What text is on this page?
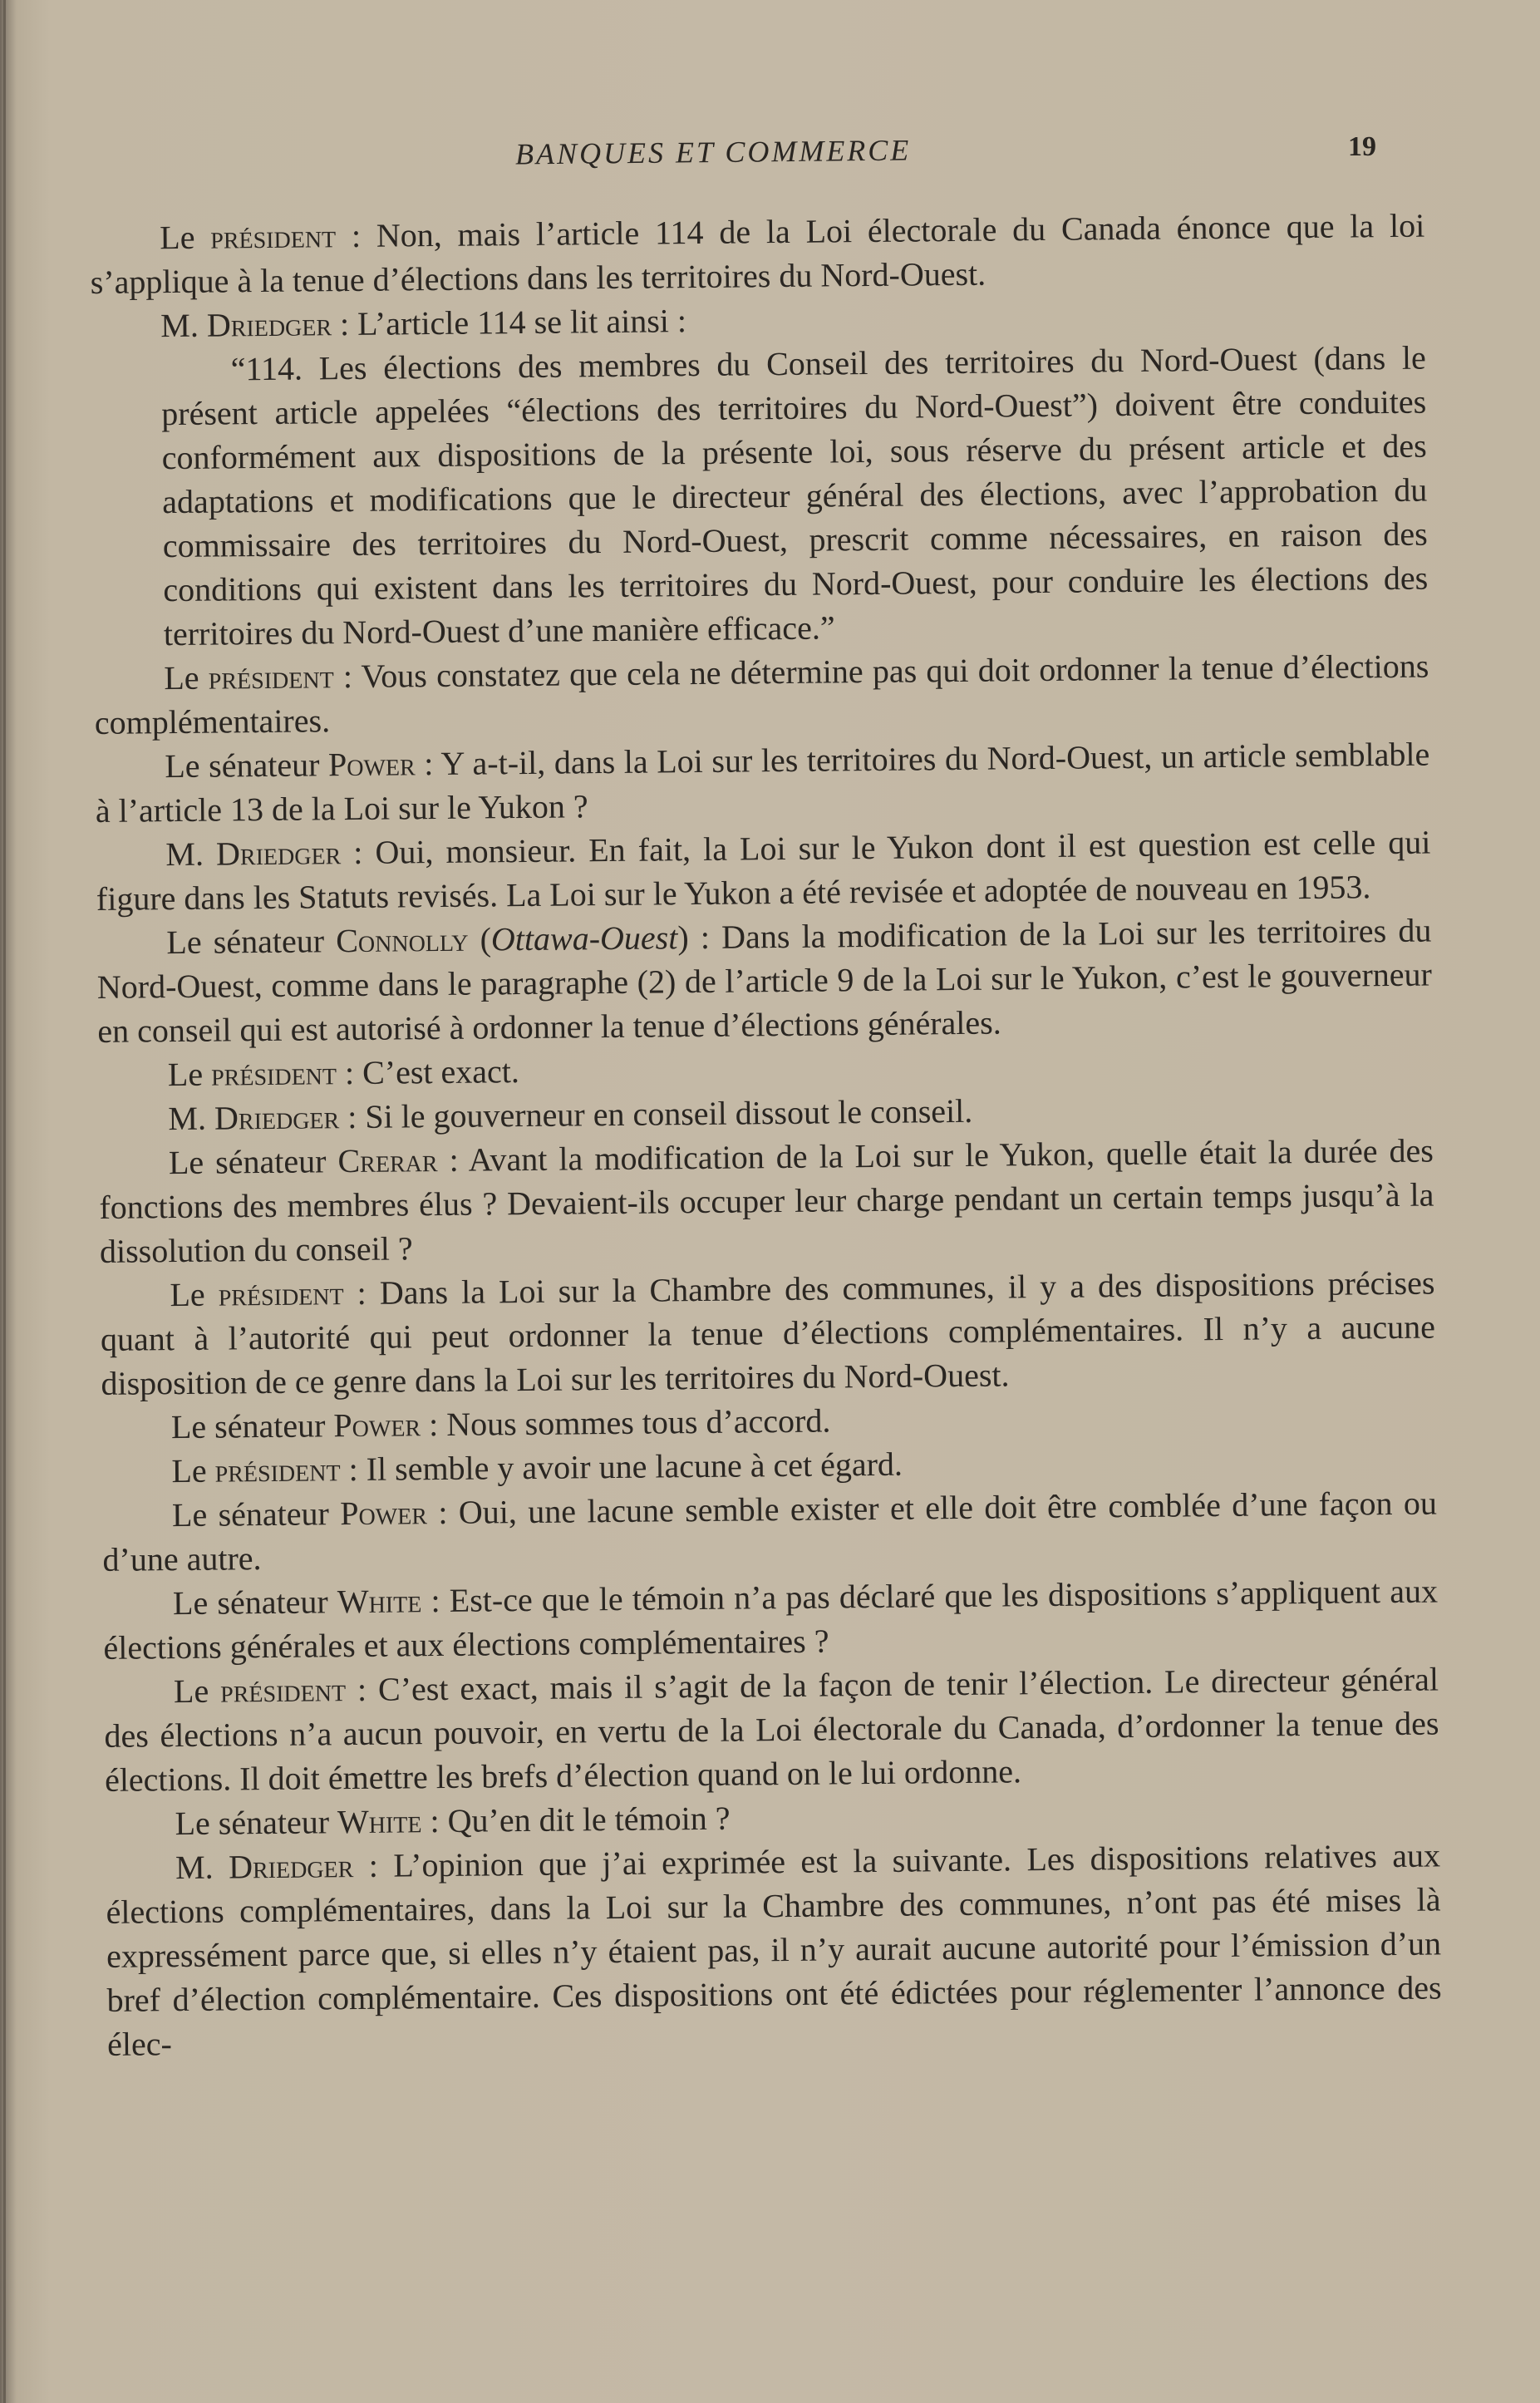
BANQUES ET COMMERCE	19

Le président : Non, mais l’article 114 de la Loi électorale du Canada énonce que la loi s’applique à la tenue d’élections dans les territoires du Nord-Ouest.

M. Driedger : L’article 114 se lit ainsi :

“114. Les élections des membres du Conseil des territoires du Nord-Ouest (dans le présent article appelées “élections des territoires du Nord-Ouest”) doivent être conduites conformément aux dispositions de la présente loi, sous réserve du présent article et des adaptations et modifications que le directeur général des élections, avec l’approbation du commissaire des territoires du Nord-Ouest, prescrit comme nécessaires, en raison des conditions qui existent dans les territoires du Nord-Ouest, pour conduire les élections des territoires du Nord-Ouest d’une manière efficace.”

Le président : Vous constatez que cela ne détermine pas qui doit ordonner la tenue d’élections complémentaires.

Le sénateur Power : Y a-t-il, dans la Loi sur les territoires du Nord-Ouest, un article semblable à l’article 13 de la Loi sur le Yukon ?

M. Driedger : Oui, monsieur. En fait, la Loi sur le Yukon dont il est question est celle qui figure dans les Statuts revisés. La Loi sur le Yukon a été revisée et adoptée de nouveau en 1953.

Le sénateur Connolly (Ottawa-Ouest) : Dans la modification de la Loi sur les territoires du Nord-Ouest, comme dans le paragraphe (2) de l’article 9 de la Loi sur le Yukon, c’est le gouverneur en conseil qui est autorisé à ordonner la tenue d’élections générales.

Le président : C’est exact.

M. Driedger : Si le gouverneur en conseil dissout le conseil.

Le sénateur Crerar : Avant la modification de la Loi sur le Yukon, quelle était la durée des fonctions des membres élus ? Devaient-ils occuper leur charge pendant un certain temps jusqu’à la dissolution du conseil ?

Le président : Dans la Loi sur la Chambre des communes, il y a des dispositions précises quant à l’autorité qui peut ordonner la tenue d’élections complémentaires. Il n’y a aucune disposition de ce genre dans la Loi sur les territoires du Nord-Ouest.

Le sénateur Power : Nous sommes tous d’accord.

Le président : Il semble y avoir une lacune à cet égard.

Le sénateur Power : Oui, une lacune semble exister et elle doit être comblée d’une façon ou d’une autre.

Le sénateur White : Est-ce que le témoin n’a pas déclaré que les dispositions s’appliquent aux élections générales et aux élections complémentaires ?

Le président : C’est exact, mais il s’agit de la façon de tenir l’élection. Le directeur général des élections n’a aucun pouvoir, en vertu de la Loi électorale du Canada, d’ordonner la tenue des élections. Il doit émettre les brefs d’élection quand on le lui ordonne.

Le sénateur White : Qu’en dit le témoin ?

M. Driedger : L’opinion que j’ai exprimée est la suivante. Les dispositions relatives aux élections complémentaires, dans la Loi sur la Chambre des communes, n’ont pas été mises là expressément parce que, si elles n’y étaient pas, il n’y aurait aucune autorité pour l’émission d’un bref d’élection complémentaire. Ces dispositions ont été édictées pour réglementer l’annonce des élec-
